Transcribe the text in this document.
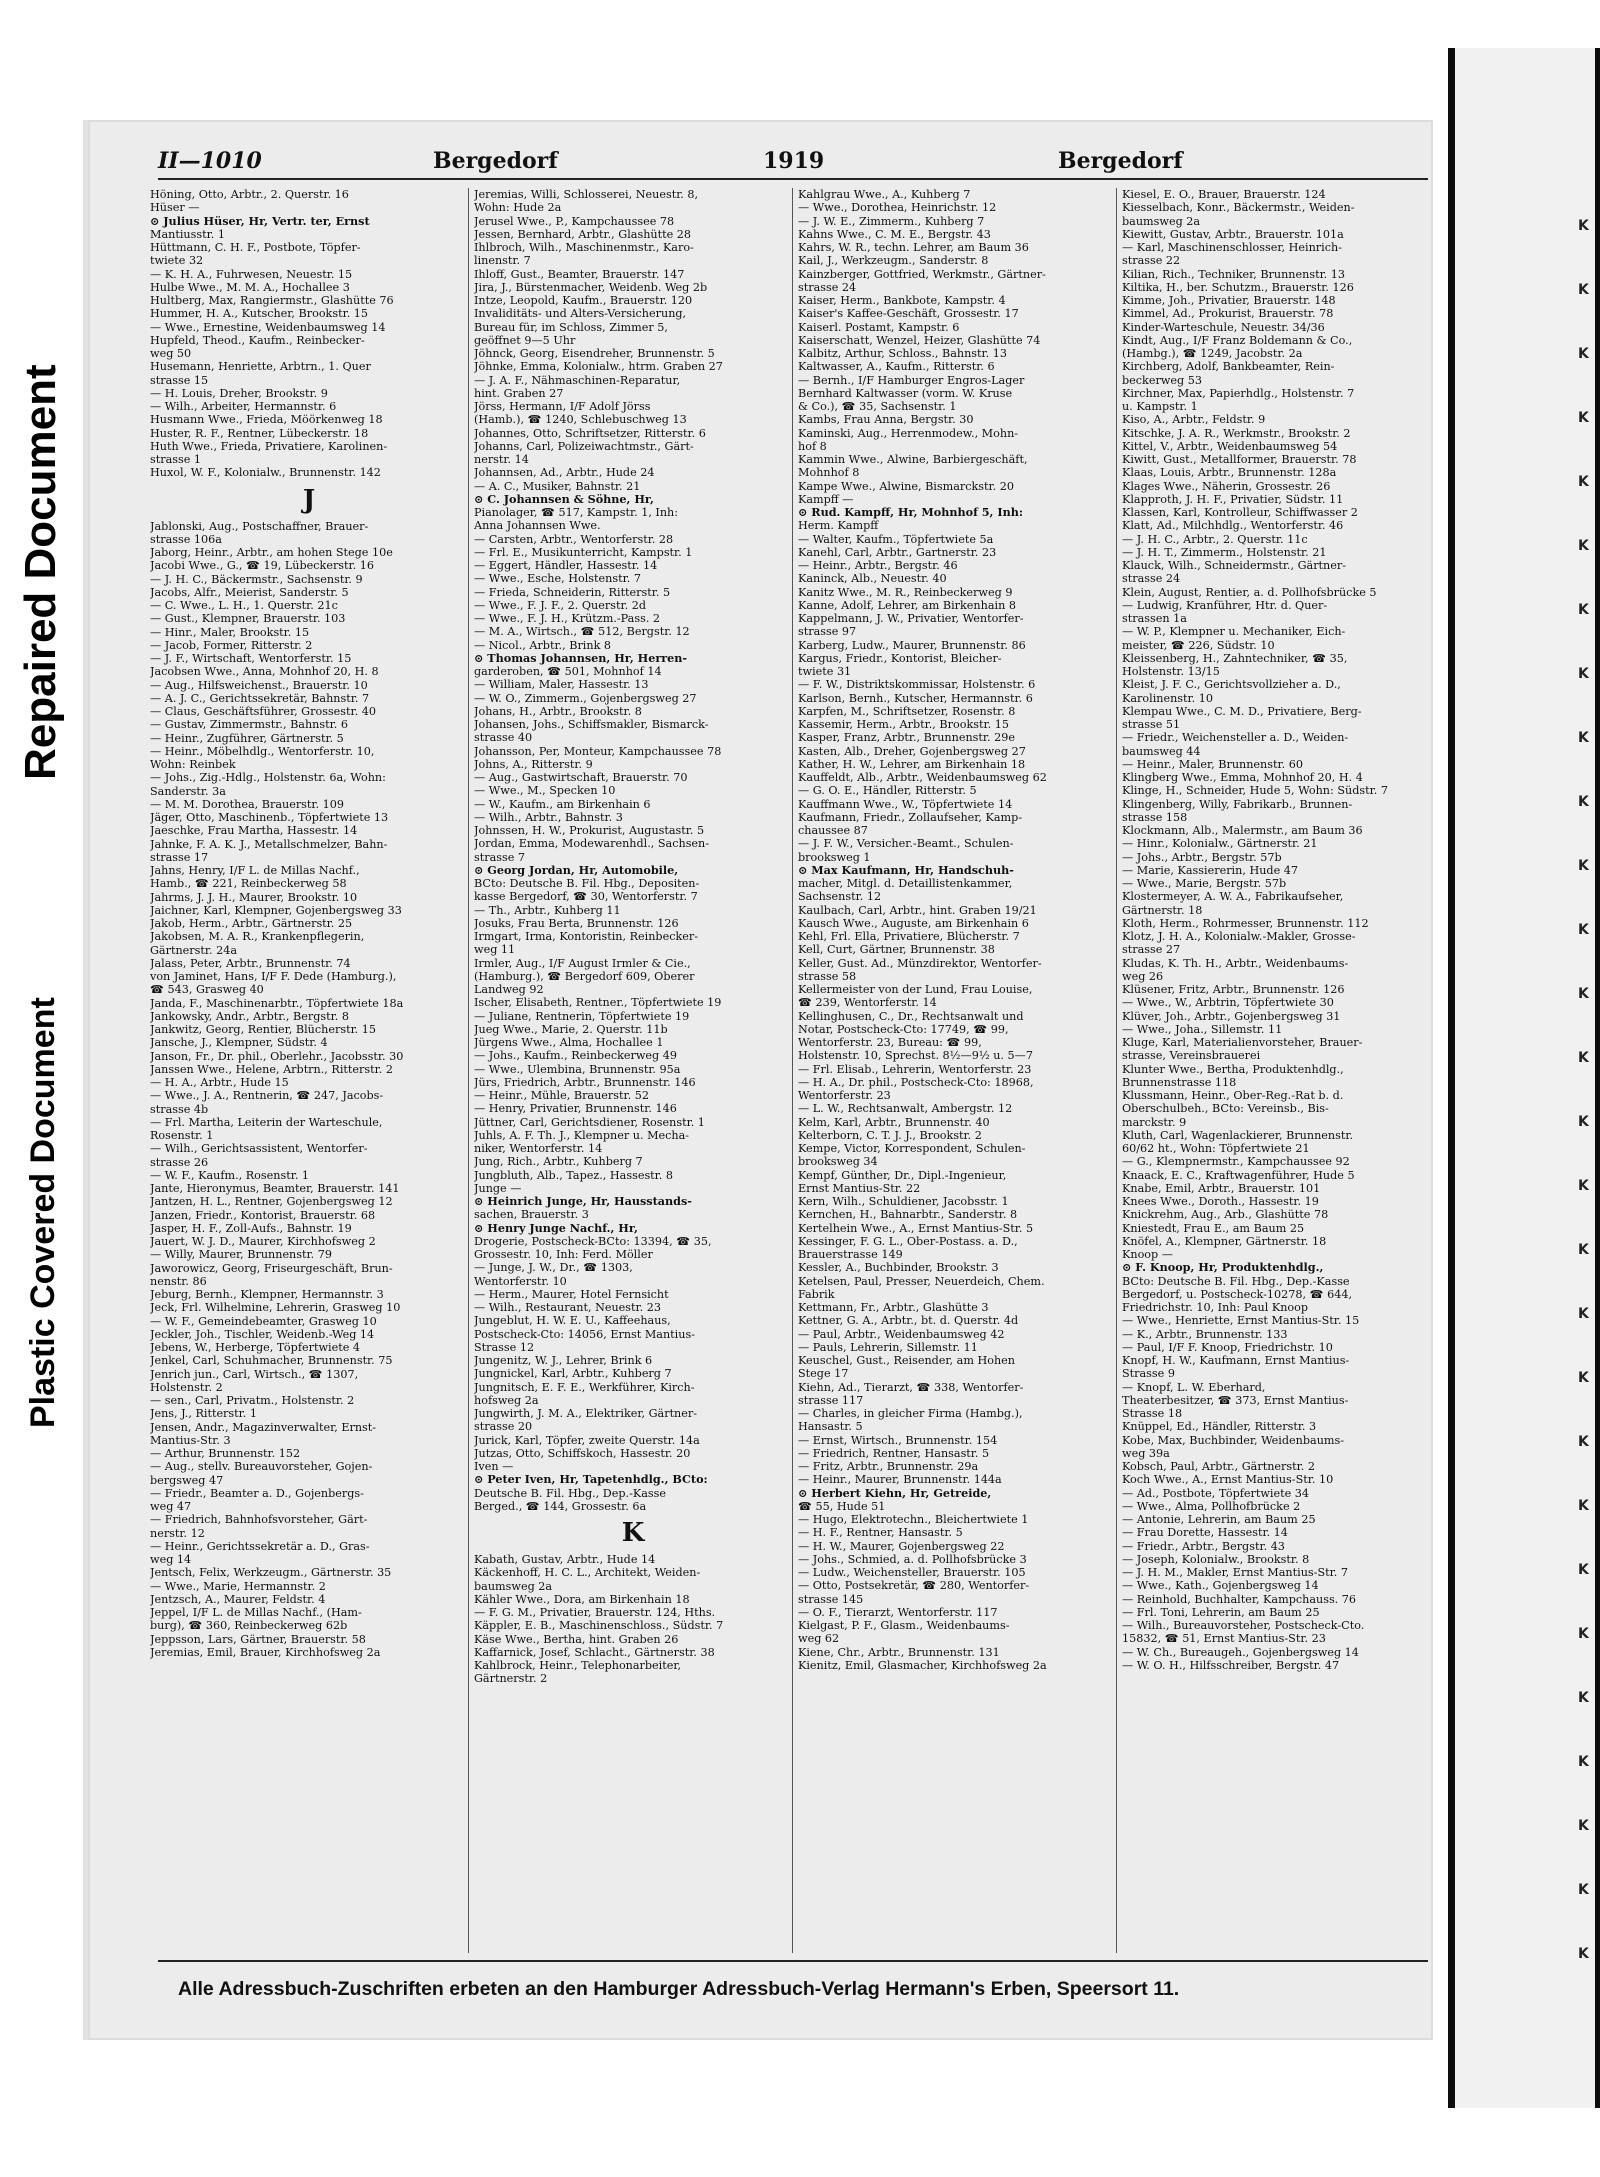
K
K
K
K
K
K
K
K
K
K
K
K
K
K
K
K
K
K
K
K
K
K
K
K
K
K
K
K
Repaired Document
Plastic Covered Document
II—1010	Bergedorf	1919	Bergedorf
Höning, Otto, Arbtr., 2. Querstr. 16
Hüser —
⊙ Julius Hüser, Hr, Vertr. ter, Ernst
Mantiusstr. 1
Hüttmann, C. H. F., Postbote, Töpfer-
twiete 32
— K. H. A., Fuhrwesen, Neuestr. 15
Hulbe Wwe., M. M. A., Hochallee 3
Hultberg, Max, Rangiermstr., Glashütte 76
Hummer, H. A., Kutscher, Brookstr. 15
— Wwe., Ernestine, Weidenbaumsweg 14
Hupfeld, Theod., Kaufm., Reinbecker-
weg 50
Husemann, Henriette, Arbtrn., 1. Quer
strasse 15
— H. Louis, Dreher, Brookstr. 9
— Wilh., Arbeiter, Hermannstr. 6
Husmann Wwe., Frieda, Möörkenweg 18
Huster, R. F., Rentner, Lübeckerstr. 18
Huth Wwe., Frieda, Privatiere, Karolinen-
strasse 1
Huxol, W. F., Kolonialw., Brunnenstr. 142
J
Jablonski, Aug., Postschaffner, Brauer-
strasse 106a
Jaborg, Heinr., Arbtr., am hohen Stege 10e
Jacobi Wwe., G., ☎ 19, Lübeckerstr. 16
— J. H. C., Bäckermstr., Sachsenstr. 9
Jacobs, Alfr., Meierist, Sanderstr. 5
— C. Wwe., L. H., 1. Querstr. 21c
— Gust., Klempner, Brauerstr. 103
— Hinr., Maler, Brookstr. 15
— Jacob, Former, Ritterstr. 2
— J. F., Wirtschaft, Wentorferstr. 15
Jacobsen Wwe., Anna, Mohnhof 20, H. 8
— Aug., Hilfsweichenst., Brauerstr. 10
— A. J. C., Gerichtssekretär, Bahnstr. 7
— Claus, Geschäftsführer, Grossestr. 40
— Gustav, Zimmermstr., Bahnstr. 6
— Heinr., Zugführer, Gärtnerstr. 5
— Heinr., Möbelhdlg., Wentorferstr. 10,
Wohn: Reinbek
— Johs., Zig.-Hdlg., Holstenstr. 6a, Wohn:
Sanderstr. 3a
— M. M. Dorothea, Brauerstr. 109
Jäger, Otto, Maschinenb., Töpfertwiete 13
Jaeschke, Frau Martha, Hassestr. 14
Jahnke, F. A. K. J., Metallschmelzer, Bahn-
strasse 17
Jahns, Henry, I/F L. de Millas Nachf.,
Hamb., ☎ 221, Reinbeckerweg 58
Jahrms, J. J. H., Maurer, Brookstr. 10
Jaichner, Karl, Klempner, Gojenbergsweg 33
Jakob, Herm., Arbtr., Gärtnerstr. 25
Jakobsen, M. A. R., Krankenpflegerin,
Gärtnerstr. 24a
Jalass, Peter, Arbtr., Brunnenstr. 74
von Jaminet, Hans, I/F F. Dede (Hamburg.),
☎ 543, Grasweg 40
Janda, F., Maschinenarbtr., Töpfertwiete 18a
Jankowsky, Andr., Arbtr., Bergstr. 8
Jankwitz, Georg, Rentier, Blücherstr. 15
Jansche, J., Klempner, Südstr. 4
Janson, Fr., Dr. phil., Oberlehr., Jacobsstr. 30
Janssen Wwe., Helene, Arbtrn., Ritterstr. 2
— H. A., Arbtr., Hude 15
— Wwe., J. A., Rentnerin, ☎ 247, Jacobs-
strasse 4b
— Frl. Martha, Leiterin der Warteschule,
Rosenstr. 1
— Wilh., Gerichtsassistent, Wentorfer-
strasse 26
— W. F., Kaufm., Rosenstr. 1
Jante, Hieronymus, Beamter, Brauerstr. 141
Jantzen, H. L., Rentner, Gojenbergsweg 12
Janzen, Friedr., Kontorist, Brauerstr. 68
Jasper, H. F., Zoll-Aufs., Bahnstr. 19
Jauert, W. J. D., Maurer, Kirchhofsweg 2
— Willy, Maurer, Brunnenstr. 79
Jaworowicz, Georg, Friseurgeschäft, Brun-
nenstr. 86
Jeburg, Bernh., Klempner, Hermannstr. 3
Jeck, Frl. Wilhelmine, Lehrerin, Grasweg 10
— W. F., Gemeindebeamter, Grasweg 10
Jeckler, Joh., Tischler, Weidenb.-Weg 14
Jebens, W., Herberge, Töpfertwiete 4
Jenkel, Carl, Schuhmacher, Brunnenstr. 75
Jenrich jun., Carl, Wirtsch., ☎ 1307,
Holstenstr. 2
— sen., Carl, Privatm., Holstenstr. 2
Jens, J., Ritterstr. 1
Jensen, Andr., Magazinverwalter, Ernst-
Mantius-Str. 3
— Arthur, Brunnenstr. 152
— Aug., stellv. Bureauvorsteher, Gojen-
bergsweg 47
— Friedr., Beamter a. D., Gojenbergs-
weg 47
— Friedrich, Bahnhofsvorsteher, Gärt-
nerstr. 12
— Heinr., Gerichtssekretär a. D., Gras-
weg 14
Jentsch, Felix, Werkzeugm., Gärtnerstr. 35
— Wwe., Marie, Hermannstr. 2
Jentzsch, A., Maurer, Feldstr. 4
Jeppel, I/F L. de Millas Nachf., (Ham-
burg), ☎ 360, Reinbeckerweg 62b
Jeppsson, Lars, Gärtner, Brauerstr. 58
Jeremias, Emil, Brauer, Kirchhofsweg 2a
Jeremias, Willi, Schlosserei, Neuestr. 8,
Wohn: Hude 2a
Jerusel Wwe., P., Kampchaussee 78
Jessen, Bernhard, Arbtr., Glashütte 28
Ihlbroch, Wilh., Maschinenmstr., Karo-
linenstr. 7
Ihloff, Gust., Beamter, Brauerstr. 147
Jira, J., Bürstenmacher, Weidenb. Weg 2b
Intze, Leopold, Kaufm., Brauerstr. 120
Invaliditäts- und Alters-Versicherung,
Bureau für, im Schloss, Zimmer 5,
geöffnet 9—5 Uhr
Jöhnck, Georg, Eisendreher, Brunnenstr. 5
Jöhnke, Emma, Kolonialw., htrm. Graben 27
— J. A. F., Nähmaschinen-Reparatur,
hint. Graben 27
Jörss, Hermann, I/F Adolf Jörss
(Hamb.), ☎ 1240, Schlebuschweg 13
Johannes, Otto, Schriftsetzer, Ritterstr. 6
Johanns, Carl, Polizeiwachtmstr., Gärt-
nerstr. 14
Johannsen, Ad., Arbtr., Hude 24
— A. C., Musiker, Bahnstr. 21
⊙ C. Johannsen & Söhne, Hr,
Pianolager, ☎ 517, Kampstr. 1, Inh:
Anna Johannsen Wwe.
— Carsten, Arbtr., Wentorferstr. 28
— Frl. E., Musikunterricht, Kampstr. 1
— Eggert, Händler, Hassestr. 14
— Wwe., Esche, Holstenstr. 7
— Frieda, Schneiderin, Ritterstr. 5
— Wwe., F. J. F., 2. Querstr. 2d
— Wwe., F. J. H., Krützm.-Pass. 2
— M. A., Wirtsch., ☎ 512, Bergstr. 12
— Nicol., Arbtr., Brink 8
⊙ Thomas Johannsen, Hr, Herren-
garderoben, ☎ 501, Mohnhof 14
— William, Maler, Hassestr. 13
— W. O., Zimmerm., Gojenbergsweg 27
Johans, H., Arbtr., Brookstr. 8
Johansen, Johs., Schiffsmakler, Bismarck-
strasse 40
Johansson, Per, Monteur, Kampchaussee 78
Johns, A., Ritterstr. 9
— Aug., Gastwirtschaft, Brauerstr. 70
— Wwe., M., Specken 10
— W., Kaufm., am Birkenhain 6
— Wilh., Arbtr., Bahnstr. 3
Johnssen, H. W., Prokurist, Augustastr. 5
Jordan, Emma, Modewarenhdl., Sachsen-
strasse 7
⊙ Georg Jordan, Hr, Automobile,
BCto: Deutsche B. Fil. Hbg., Depositen-
kasse Bergedorf, ☎ 30, Wentorferstr. 7
— Th., Arbtr., Kuhberg 11
Josuks, Frau Berta, Brunnenstr. 126
Irmgart, Irma, Kontoristin, Reinbecker-
weg 11
Irmler, Aug., I/F August Irmler & Cie.,
(Hamburg.), ☎ Bergedorf 609, Oberer
Landweg 92
Ischer, Elisabeth, Rentner., Töpfertwiete 19
— Juliane, Rentnerin, Töpfertwiete 19
Jueg Wwe., Marie, 2. Querstr. 11b
Jürgens Wwe., Alma, Hochallee 1
— Johs., Kaufm., Reinbeckerweg 49
— Wwe., Ulembina, Brunnenstr. 95a
Jürs, Friedrich, Arbtr., Brunnenstr. 146
— Heinr., Mühle, Brauerstr. 52
— Henry, Privatier, Brunnenstr. 146
Jüttner, Carl, Gerichtsdiener, Rosenstr. 1
Juhls, A. F. Th. J., Klempner u. Mecha-
niker, Wentorferstr. 14
Jung, Rich., Arbtr., Kuhberg 7
Jungbluth, Alb., Tapez., Hassestr. 8
Junge —
⊙ Heinrich Junge, Hr, Hausstands-
sachen, Brauerstr. 3
⊙ Henry Junge Nachf., Hr,
Drogerie, Postscheck-BCto: 13394, ☎ 35,
Grossestr. 10, Inh: Ferd. Möller
— Junge, J. W., Dr., ☎ 1303,
Wentorferstr. 10
— Herm., Maurer, Hotel Fernsicht
— Wilh., Restaurant, Neuestr. 23
Jungeblut, H. W. E. U., Kaffeehaus,
Postscheck-Cto: 14056, Ernst Mantius-
Strasse 12
Jungenitz, W. J., Lehrer, Brink 6
Jungnickel, Karl, Arbtr., Kuhberg 7
Jungnitsch, E. F. E., Werkführer, Kirch-
hofsweg 2a
Jungwirth, J. M. A., Elektriker, Gärtner-
strasse 20
Jurick, Karl, Töpfer, zweite Querstr. 14a
Jutzas, Otto, Schiffskoch, Hassestr. 20
Iven —
⊙ Peter Iven, Hr, Tapetenhdlg., BCto:
Deutsche B. Fil. Hbg., Dep.-Kasse
Berged., ☎ 144, Grossestr. 6a
K
Kabath, Gustav, Arbtr., Hude 14
Käckenhoff, H. C. L., Architekt, Weiden-
baumsweg 2a
Kähler Wwe., Dora, am Birkenhain 18
— F. G. M., Privatier, Brauerstr. 124, Hths.
Käppler, E. B., Maschinenschloss., Südstr. 7
Käse Wwe., Bertha, hint. Graben 26
Kaffarnick, Josef, Schlacht., Gärtnerstr. 38
Kahlbrock, Heinr., Telephonarbeiter,
Gärtnerstr. 2
Kahlgrau Wwe., A., Kuhberg 7
— Wwe., Dorothea, Heinrichstr. 12
— J. W. E., Zimmerm., Kuhberg 7
Kahns Wwe., C. M. E., Bergstr. 43
Kahrs, W. R., techn. Lehrer, am Baum 36
Kail, J., Werkzeugm., Sanderstr. 8
Kainzberger, Gottfried, Werkmstr., Gärtner-
strasse 24
Kaiser, Herm., Bankbote, Kampstr. 4
Kaiser's Kaffee-Geschäft, Grossestr. 17
Kaiserl. Postamt, Kampstr. 6
Kaiserschatt, Wenzel, Heizer, Glashütte 74
Kalbitz, Arthur, Schloss., Bahnstr. 13
Kaltwasser, A., Kaufm., Ritterstr. 6
— Bernh., I/F Hamburger Engros-Lager
Bernhard Kaltwasser (vorm. W. Kruse
& Co.), ☎ 35, Sachsenstr. 1
Kambs, Frau Anna, Bergstr. 30
Kaminski, Aug., Herrenmodew., Mohn-
hof 8
Kammin Wwe., Alwine, Barbiergeschäft,
Mohnhof 8
Kampe Wwe., Alwine, Bismarckstr. 20
Kampff —
⊙ Rud. Kampff, Hr, Mohnhof 5, Inh:
Herm. Kampff
— Walter, Kaufm., Töpfertwiete 5a
Kanehl, Carl, Arbtr., Gartnerstr. 23
— Heinr., Arbtr., Bergstr. 46
Kaninck, Alb., Neuestr. 40
Kanitz Wwe., M. R., Reinbeckerweg 9
Kanne, Adolf, Lehrer, am Birkenhain 8
Kappelmann, J. W., Privatier, Wentorfer-
strasse 97
Karberg, Ludw., Maurer, Brunnenstr. 86
Kargus, Friedr., Kontorist, Bleicher-
twiete 31
— F. W., Distriktskommissar, Holstenstr. 6
Karlson, Bernh., Kutscher, Hermannstr. 6
Karpfen, M., Schriftsetzer, Rosenstr. 8
Kassemir, Herm., Arbtr., Brookstr. 15
Kasper, Franz, Arbtr., Brunnenstr. 29e
Kasten, Alb., Dreher, Gojenbergsweg 27
Kather, H. W., Lehrer, am Birkenhain 18
Kauffeldt, Alb., Arbtr., Weidenbaumsweg 62
— G. O. E., Händler, Ritterstr. 5
Kauffmann Wwe., W., Töpfertwiete 14
Kaufmann, Friedr., Zollaufseher, Kamp-
chaussee 87
— J. F. W., Versicher.-Beamt., Schulen-
brooksweg 1
⊙ Max Kaufmann, Hr, Handschuh-
macher, Mitgl. d. Detaillistenkammer,
Sachsenstr. 12
Kaulbach, Carl, Arbtr., hint. Graben 19/21
Kausch Wwe., Auguste, am Birkenhain 6
Kehl, Frl. Ella, Privatiere, Blücherstr. 7
Kell, Curt, Gärtner, Brunnenstr. 38
Keller, Gust. Ad., Münzdirektor, Wentorfer-
strasse 58
Kellermeister von der Lund, Frau Louise,
☎ 239, Wentorferstr. 14
Kellinghusen, C., Dr., Rechtsanwalt und
Notar, Postscheck-Cto: 17749, ☎ 99,
Wentorferstr. 23, Bureau: ☎ 99,
Holstenstr. 10, Sprechst. 8½—9½ u. 5—7
— Frl. Elisab., Lehrerin, Wentorferstr. 23
— H. A., Dr. phil., Postscheck-Cto: 18968,
Wentorferstr. 23
— L. W., Rechtsanwalt, Ambergstr. 12
Kelm, Karl, Arbtr., Brunnenstr. 40
Kelterborn, C. T. J. J., Brookstr. 2
Kempe, Victor, Korrespondent, Schulen-
brooksweg 34
Kempf, Günther, Dr., Dipl.-Ingenieur,
Ernst Mantius-Str. 22
Kern, Wilh., Schuldiener, Jacobsstr. 1
Kernchen, H., Bahnarbtr., Sanderstr. 8
Kertelhein Wwe., A., Ernst Mantius-Str. 5
Kessinger, F. G. L., Ober-Postass. a. D.,
Brauerstrasse 149
Kessler, A., Buchbinder, Brookstr. 3
Ketelsen, Paul, Presser, Neuerdeich, Chem.
Fabrik
Kettmann, Fr., Arbtr., Glashütte 3
Kettner, G. A., Arbtr., bt. d. Querstr. 4d
— Paul, Arbtr., Weidenbaumsweg 42
— Pauls, Lehrerin, Sillemstr. 11
Keuschel, Gust., Reisender, am Hohen
Stege 17
Kiehn, Ad., Tierarzt, ☎ 338, Wentorfer-
strasse 117
— Charles, in gleicher Firma (Hambg.),
Hansastr. 5
— Ernst, Wirtsch., Brunnenstr. 154
— Friedrich, Rentner, Hansastr. 5
— Fritz, Arbtr., Brunnenstr. 29a
— Heinr., Maurer, Brunnenstr. 144a
⊙ Herbert Kiehn, Hr, Getreide,
☎ 55, Hude 51
— Hugo, Elektrotechn., Bleichertwiete 1
— H. F., Rentner, Hansastr. 5
— H. W., Maurer, Gojenbergsweg 22
— Johs., Schmied, a. d. Pollhofsbrücke 3
— Ludw., Weichensteller, Brauerstr. 105
— Otto, Postsekretär, ☎ 280, Wentorfer-
strasse 145
— O. F., Tierarzt, Wentorferstr. 117
Kielgast, P. F., Glasm., Weidenbaums-
weg 62
Kiene, Chr., Arbtr., Brunnenstr. 131
Kienitz, Emil, Glasmacher, Kirchhofsweg 2a
Kiesel, E. O., Brauer, Brauerstr. 124
Kiesselbach, Konr., Bäckermstr., Weiden-
baumsweg 2a
Kiewitt, Gustav, Arbtr., Brauerstr. 101a
— Karl, Maschinenschlosser, Heinrich-
strasse 22
Kilian, Rich., Techniker, Brunnenstr. 13
Kiltika, H., ber. Schutzm., Brauerstr. 126
Kimme, Joh., Privatier, Brauerstr. 148
Kimmel, Ad., Prokurist, Brauerstr. 78
Kinder-Warteschule, Neuestr. 34/36
Kindt, Aug., I/F Franz Boldemann & Co.,
(Hambg.), ☎ 1249, Jacobstr. 2a
Kirchberg, Adolf, Bankbeamter, Rein-
beckerweg 53
Kirchner, Max, Papierhdlg., Holstenstr. 7
u. Kampstr. 1
Kiso, A., Arbtr., Feldstr. 9
Kitschke, J. A. R., Werkmstr., Brookstr. 2
Kittel, V., Arbtr., Weidenbaumsweg 54
Kiwitt, Gust., Metallformer, Brauerstr. 78
Klaas, Louis, Arbtr., Brunnenstr. 128a
Klages Wwe., Näherin, Grossestr. 26
Klapproth, J. H. F., Privatier, Südstr. 11
Klassen, Karl, Kontrolleur, Schiffwasser 2
Klatt, Ad., Milchhdlg., Wentorferstr. 46
— J. H. C., Arbtr., 2. Querstr. 11c
— J. H. T., Zimmerm., Holstenstr. 21
Klauck, Wilh., Schneidermstr., Gärtner-
strasse 24
Klein, August, Rentier, a. d. Pollhofsbrücke 5
— Ludwig, Kranführer, Htr. d. Quer-
strassen 1a
— W. P., Klempner u. Mechaniker, Eich-
meister, ☎ 226, Südstr. 10
Kleissenberg, H., Zahntechniker, ☎ 35,
Holstenstr. 13/15
Kleist, J. F. C., Gerichtsvollzieher a. D.,
Karolinenstr. 10
Klempau Wwe., C. M. D., Privatiere, Berg-
strasse 51
— Friedr., Weichensteller a. D., Weiden-
baumsweg 44
— Heinr., Maler, Brunnenstr. 60
Klingberg Wwe., Emma, Mohnhof 20, H. 4
Klinge, H., Schneider, Hude 5, Wohn: Südstr. 7
Klingenberg, Willy, Fabrikarb., Brunnen-
strasse 158
Klockmann, Alb., Malermstr., am Baum 36
— Hinr., Kolonialw., Gärtnerstr. 21
— Johs., Arbtr., Bergstr. 57b
— Marie, Kassiererin, Hude 47
— Wwe., Marie, Bergstr. 57b
Klostermeyer, A. W. A., Fabrikaufseher,
Gärtnerstr. 18
Kloth, Herm., Rohrmesser, Brunnenstr. 112
Klotz, J. H. A., Kolonialw.-Makler, Grosse-
strasse 27
Kludas, K. Th. H., Arbtr., Weidenbaums-
weg 26
Klüsener, Fritz, Arbtr., Brunnenstr. 126
— Wwe., W., Arbtrin, Töpfertwiete 30
Klüver, Joh., Arbtr., Gojenbergsweg 31
— Wwe., Joha., Sillemstr. 11
Kluge, Karl, Materialienvorsteher, Brauer-
strasse, Vereinsbrauerei
Klunter Wwe., Bertha, Produktenhdlg.,
Brunnenstrasse 118
Klussmann, Heinr., Ober-Reg.-Rat b. d.
Oberschulbeh., BCto: Vereinsb., Bis-
marckstr. 9
Kluth, Carl, Wagenlackierer, Brunnenstr.
60/62 ht., Wohn: Töpfertwiete 21
— G., Klempnermstr., Kampchaussee 92
Knaack, E. C., Kraftwagenführer, Hude 5
Knabe, Emil, Arbtr., Brauerstr. 101
Knees Wwe., Doroth., Hassestr. 19
Knickrehm, Aug., Arb., Glashütte 78
Kniestedt, Frau E., am Baum 25
Knöfel, A., Klempner, Gärtnerstr. 18
Knoop —
⊙ F. Knoop, Hr, Produktenhdlg.,
BCto: Deutsche B. Fil. Hbg., Dep.-Kasse
Bergedorf, u. Postscheck-10278, ☎ 644,
Friedrichstr. 10, Inh: Paul Knoop
— Wwe., Henriette, Ernst Mantius-Str. 15
— K., Arbtr., Brunnenstr. 133
— Paul, I/F F. Knoop, Friedrichstr. 10
Knopf, H. W., Kaufmann, Ernst Mantius-
Strasse 9
— Knopf, L. W. Eberhard,
Theaterbesitzer, ☎ 373, Ernst Mantius-
Strasse 18
Knüppel, Ed., Händler, Ritterstr. 3
Kobe, Max, Buchbinder, Weidenbaums-
weg 39a
Kobsch, Paul, Arbtr., Gärtnerstr. 2
Koch Wwe., A., Ernst Mantius-Str. 10
— Ad., Postbote, Töpfertwiete 34
— Wwe., Alma, Pollhofbrücke 2
— Antonie, Lehrerin, am Baum 25
— Frau Dorette, Hassestr. 14
— Friedr., Arbtr., Bergstr. 43
— Joseph, Kolonialw., Brookstr. 8
— J. H. M., Makler, Ernst Mantius-Str. 7
— Wwe., Kath., Gojenbergsweg 14
— Reinhold, Buchhalter, Kampchauss. 76
— Frl. Toni, Lehrerin, am Baum 25
— Wilh., Bureauvorsteher, Postscheck-Cto.
15832, ☎ 51, Ernst Mantius-Str. 23
— W. Ch., Bureaugeh., Gojenbergsweg 14
— W. O. H., Hilfsschreiber, Bergstr. 47
Alle Adressbuch-Zuschriften erbeten an den Hamburger Adressbuch-Verlag Hermann's Erben, Speersort 11.
